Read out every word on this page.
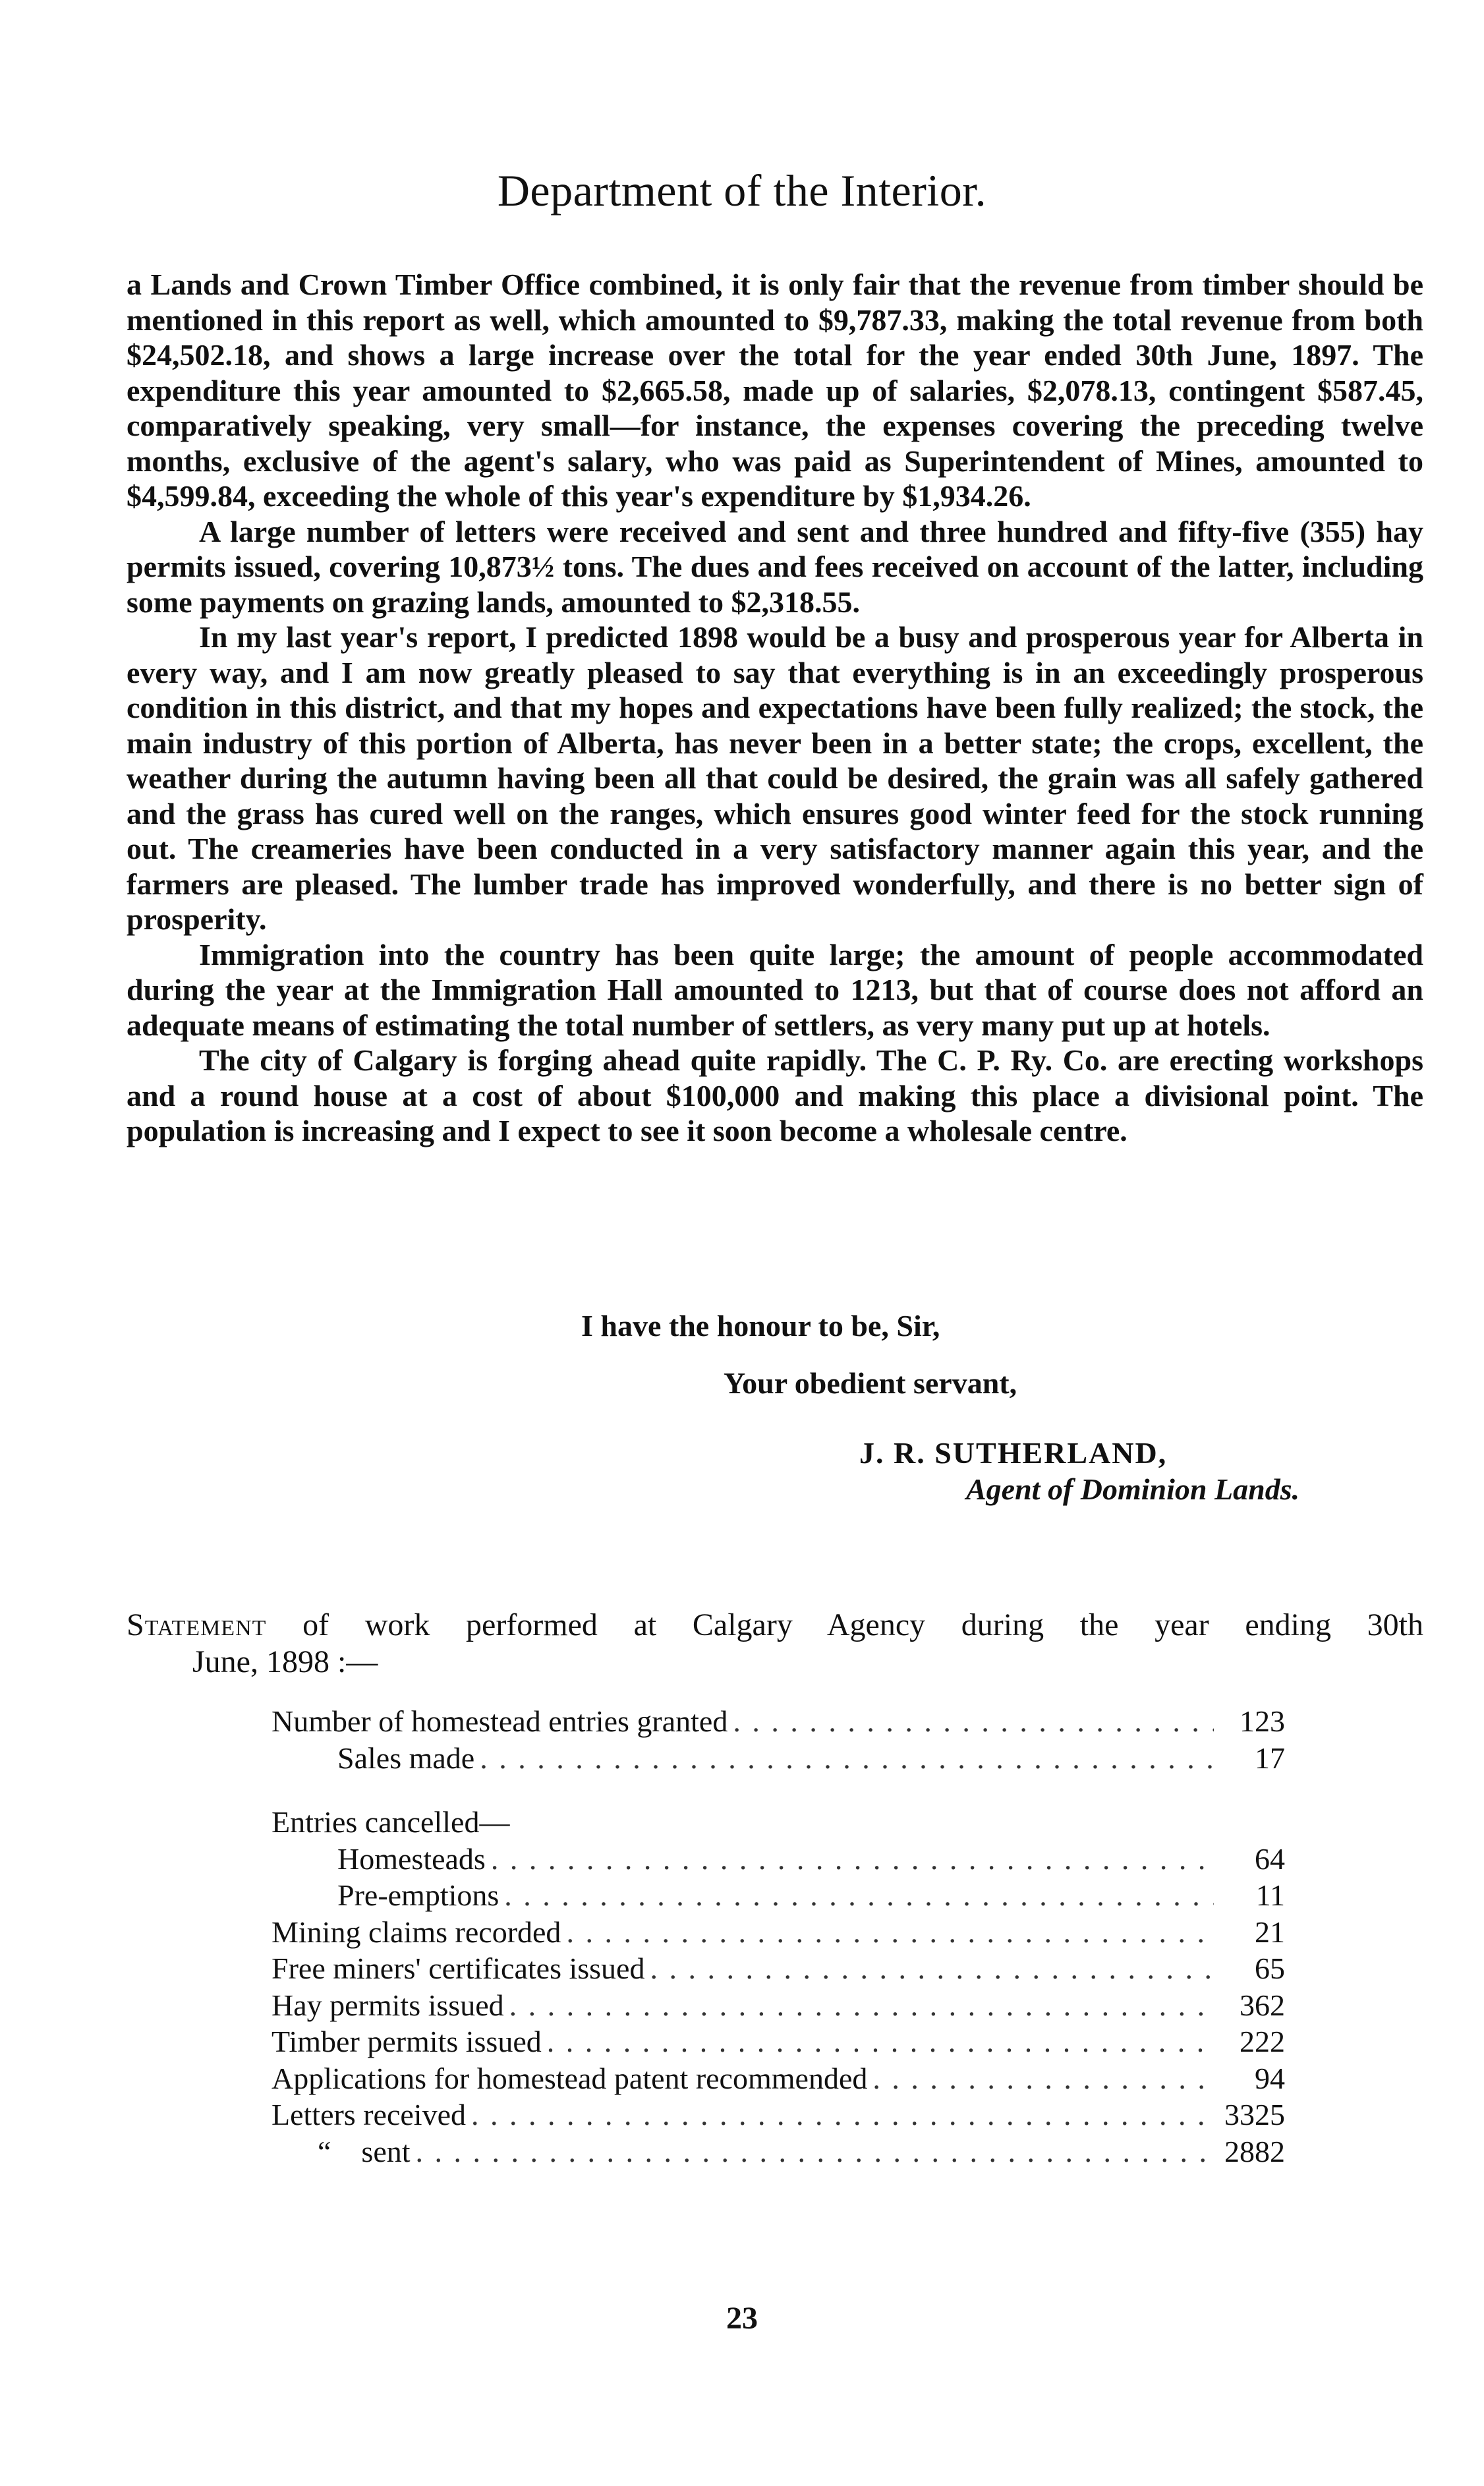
Department of the Interior.

a Lands and Crown Timber Office combined, it is only fair that the revenue from timber should be mentioned in this report as well, which amounted to $9,787.33, making the total revenue from both $24,502.18, and shows a large increase over the total for the year ended 30th June, 1897. The expenditure this year amounted to $2,665.58, made up of salaries, $2,078.13, contingent $587.45, comparatively speaking, very small—for instance, the expenses covering the preceding twelve months, exclusive of the agent's salary, who was paid as Superintendent of Mines, amounted to $4,599.84, exceeding the whole of this year's expenditure by $1,934.26.

A large number of letters were received and sent and three hundred and fifty-five (355) hay permits issued, covering 10,873½ tons. The dues and fees received on account of the latter, including some payments on grazing lands, amounted to $2,318.55.

In my last year's report, I predicted 1898 would be a busy and prosperous year for Alberta in every way, and I am now greatly pleased to say that everything is in an exceedingly prosperous condition in this district, and that my hopes and expectations have been fully realized; the stock, the main industry of this portion of Alberta, has never been in a better state; the crops, excellent, the weather during the autumn having been all that could be desired, the grain was all safely gathered and the grass has cured well on the ranges, which ensures good winter feed for the stock running out. The creameries have been conducted in a very satisfactory manner again this year, and the farmers are pleased. The lumber trade has improved wonderfully, and there is no better sign of prosperity.

Immigration into the country has been quite large; the amount of people accommodated during the year at the Immigration Hall amounted to 1213, but that of course does not afford an adequate means of estimating the total number of settlers, as very many put up at hotels.

The city of Calgary is forging ahead quite rapidly. The C. P. Ry. Co. are erecting workshops and a round house at a cost of about $100,000 and making this place a divisional point. The population is increasing and I expect to see it soon become a wholesale centre.

I have the honour to be, Sir,
Your obedient servant,
J. R. SUTHERLAND,
Agent of Dominion Lands.
Statement of work performed at Calgary Agency during the year ending 30th
June, 1898 :—
Number of homestead entries granted . . .	123
Sales made . . .	17
Entries cancelled—
Homesteads . . .	64
Pre-emptions . . .	11
Mining claims recorded . . .	21
Free miners' certificates issued . . .	65
Hay permits issued . . .	362
Timber permits issued . . .	222
Applications for homestead patent recommended . . .	94
Letters received . . .	3325
“ sent . . .	2882
23
